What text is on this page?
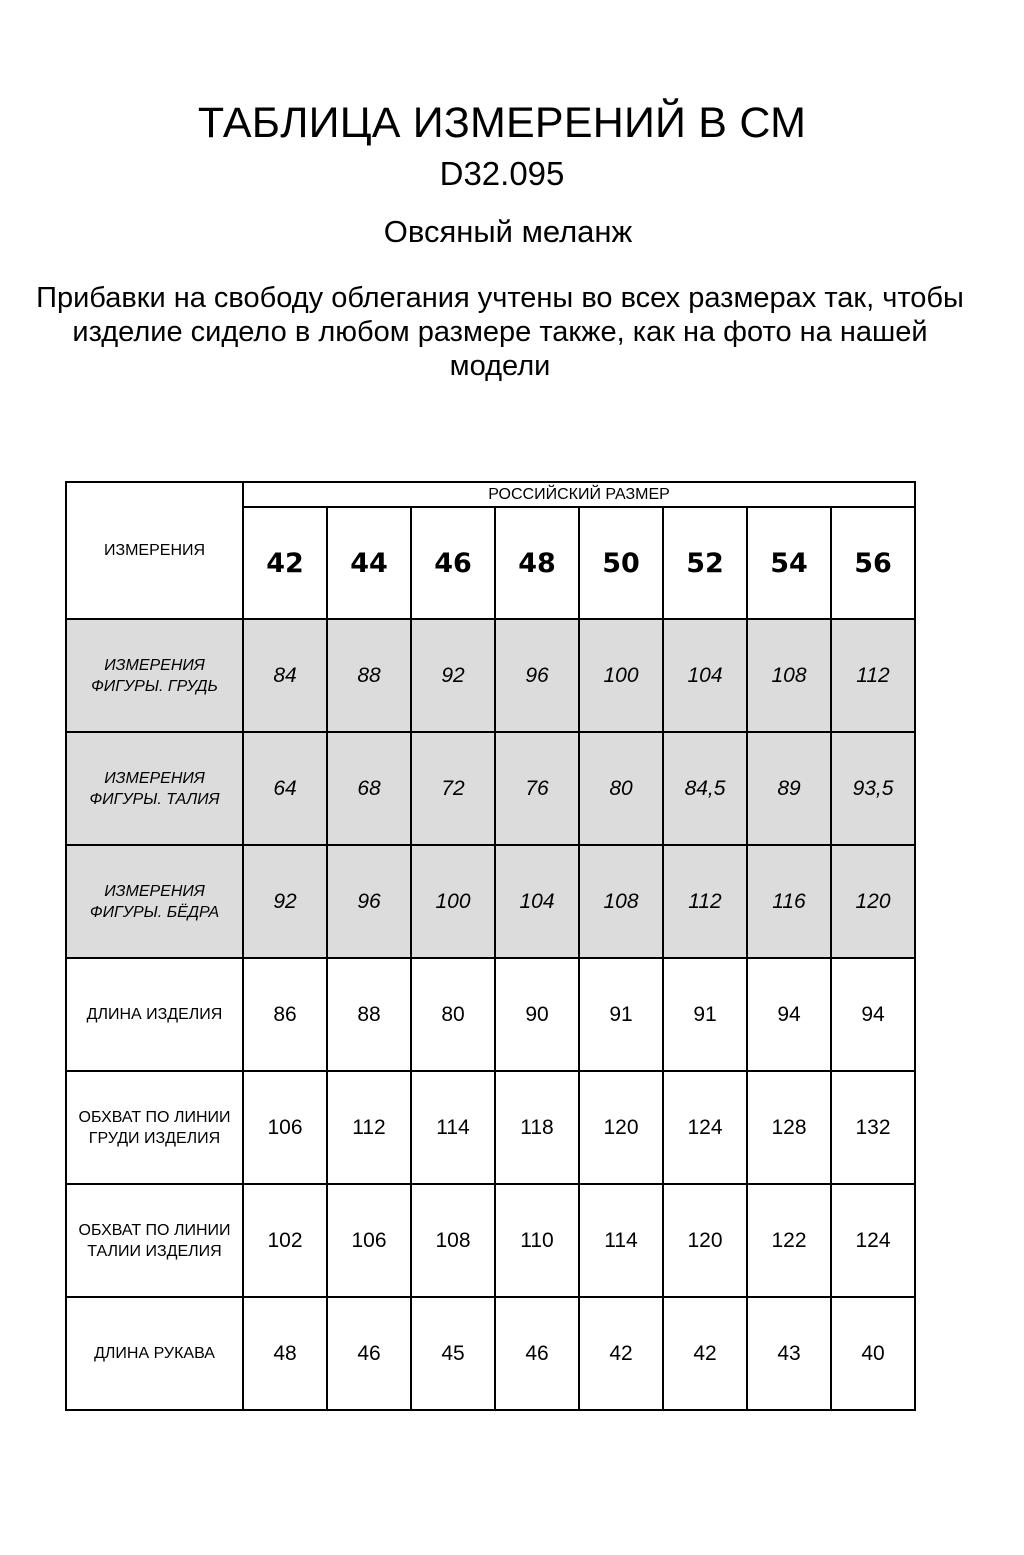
ТАБЛИЦА ИЗМЕРЕНИЙ В СМ
D32.095
Овсяный меланж
Прибавки на свободу облегания учтены во всех размерах так, чтобы изделие сидело в любом размере также, как на фото на нашей модели
ИЗМЕРЕНИЯ	РОССИЙСКИЙ РАЗМЕР							
	42	44	46	48	50	52	54	56
ИЗМЕРЕНИЯ ФИГУРЫ. ГРУДЬ	84	88	92	96	100	104	108	112
ИЗМЕРЕНИЯ ФИГУРЫ. ТАЛИЯ	64	68	72	76	80	84,5	89	93,5
ИЗМЕРЕНИЯ ФИГУРЫ. БЁДРА	92	96	100	104	108	112	116	120
ДЛИНА ИЗДЕЛИЯ	86	88	80	90	91	91	94	94
ОБХВАТ ПО ЛИНИИ ГРУДИ ИЗДЕЛИЯ	106	112	114	118	120	124	128	132
ОБХВАТ ПО ЛИНИИ ТАЛИИ ИЗДЕЛИЯ	102	106	108	110	114	120	122	124
ДЛИНА РУКАВА	48	46	45	46	42	42	43	40
